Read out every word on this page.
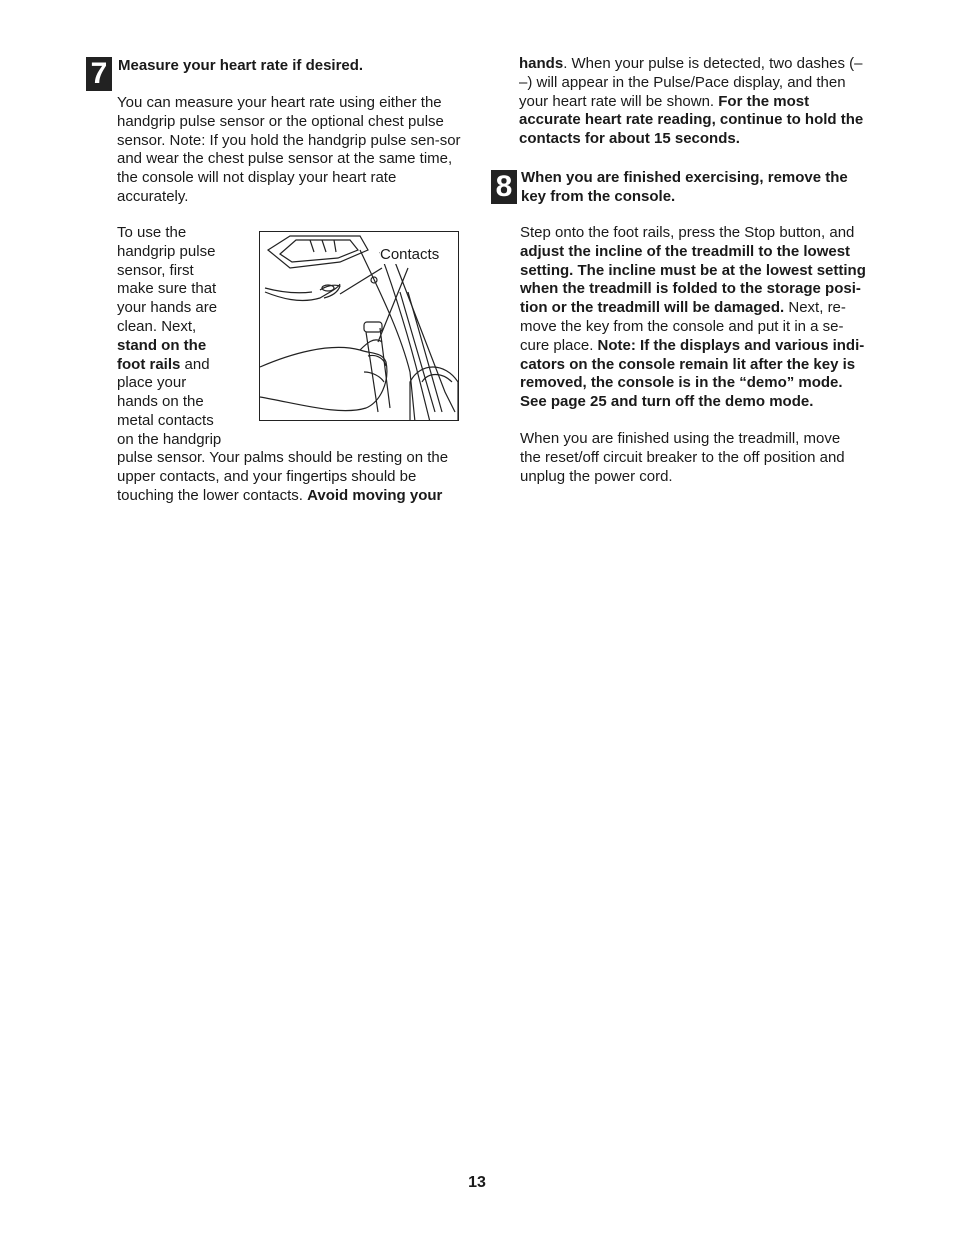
7 Measure your heart rate if desired.

You can measure your heart rate using either the handgrip pulse sensor or the optional chest pulse sensor. Note: If you hold the handgrip pulse sen-sor and wear the chest pulse sensor at the same time, the console will not display your heart rate accurately.

To use the
handgrip pulse
sensor, first
make sure that
your hands are
clean. Next,
stand on the
foot rails and
place your
hands on the
metal contacts
on the handgrip

pulse sensor. Your palms should be resting on the upper contacts, and your fingertips should be touching the lower contacts. Avoid moving your

Contacts

hands. When your pulse is detected, two dashes (– –) will appear in the Pulse/Pace display, and then your heart rate will be shown. For the most accurate heart rate reading, continue to hold the contacts for about 15 seconds.

8 When you are finished exercising, remove the key from the console.

Step onto the foot rails, press the Stop button, and adjust the incline of the treadmill to the lowest setting. The incline must be at the lowest setting when the treadmill is folded to the storage posi-tion or the treadmill will be damaged. Next, re-move the key from the console and put it in a se-cure place. Note: If the displays and various indi-cators on the console remain lit after the key is removed, the console is in the “demo” mode. See page 25 and turn off the demo mode.

When you are finished using the treadmill, move the reset/off circuit breaker to the off position and unplug the power cord.

13
